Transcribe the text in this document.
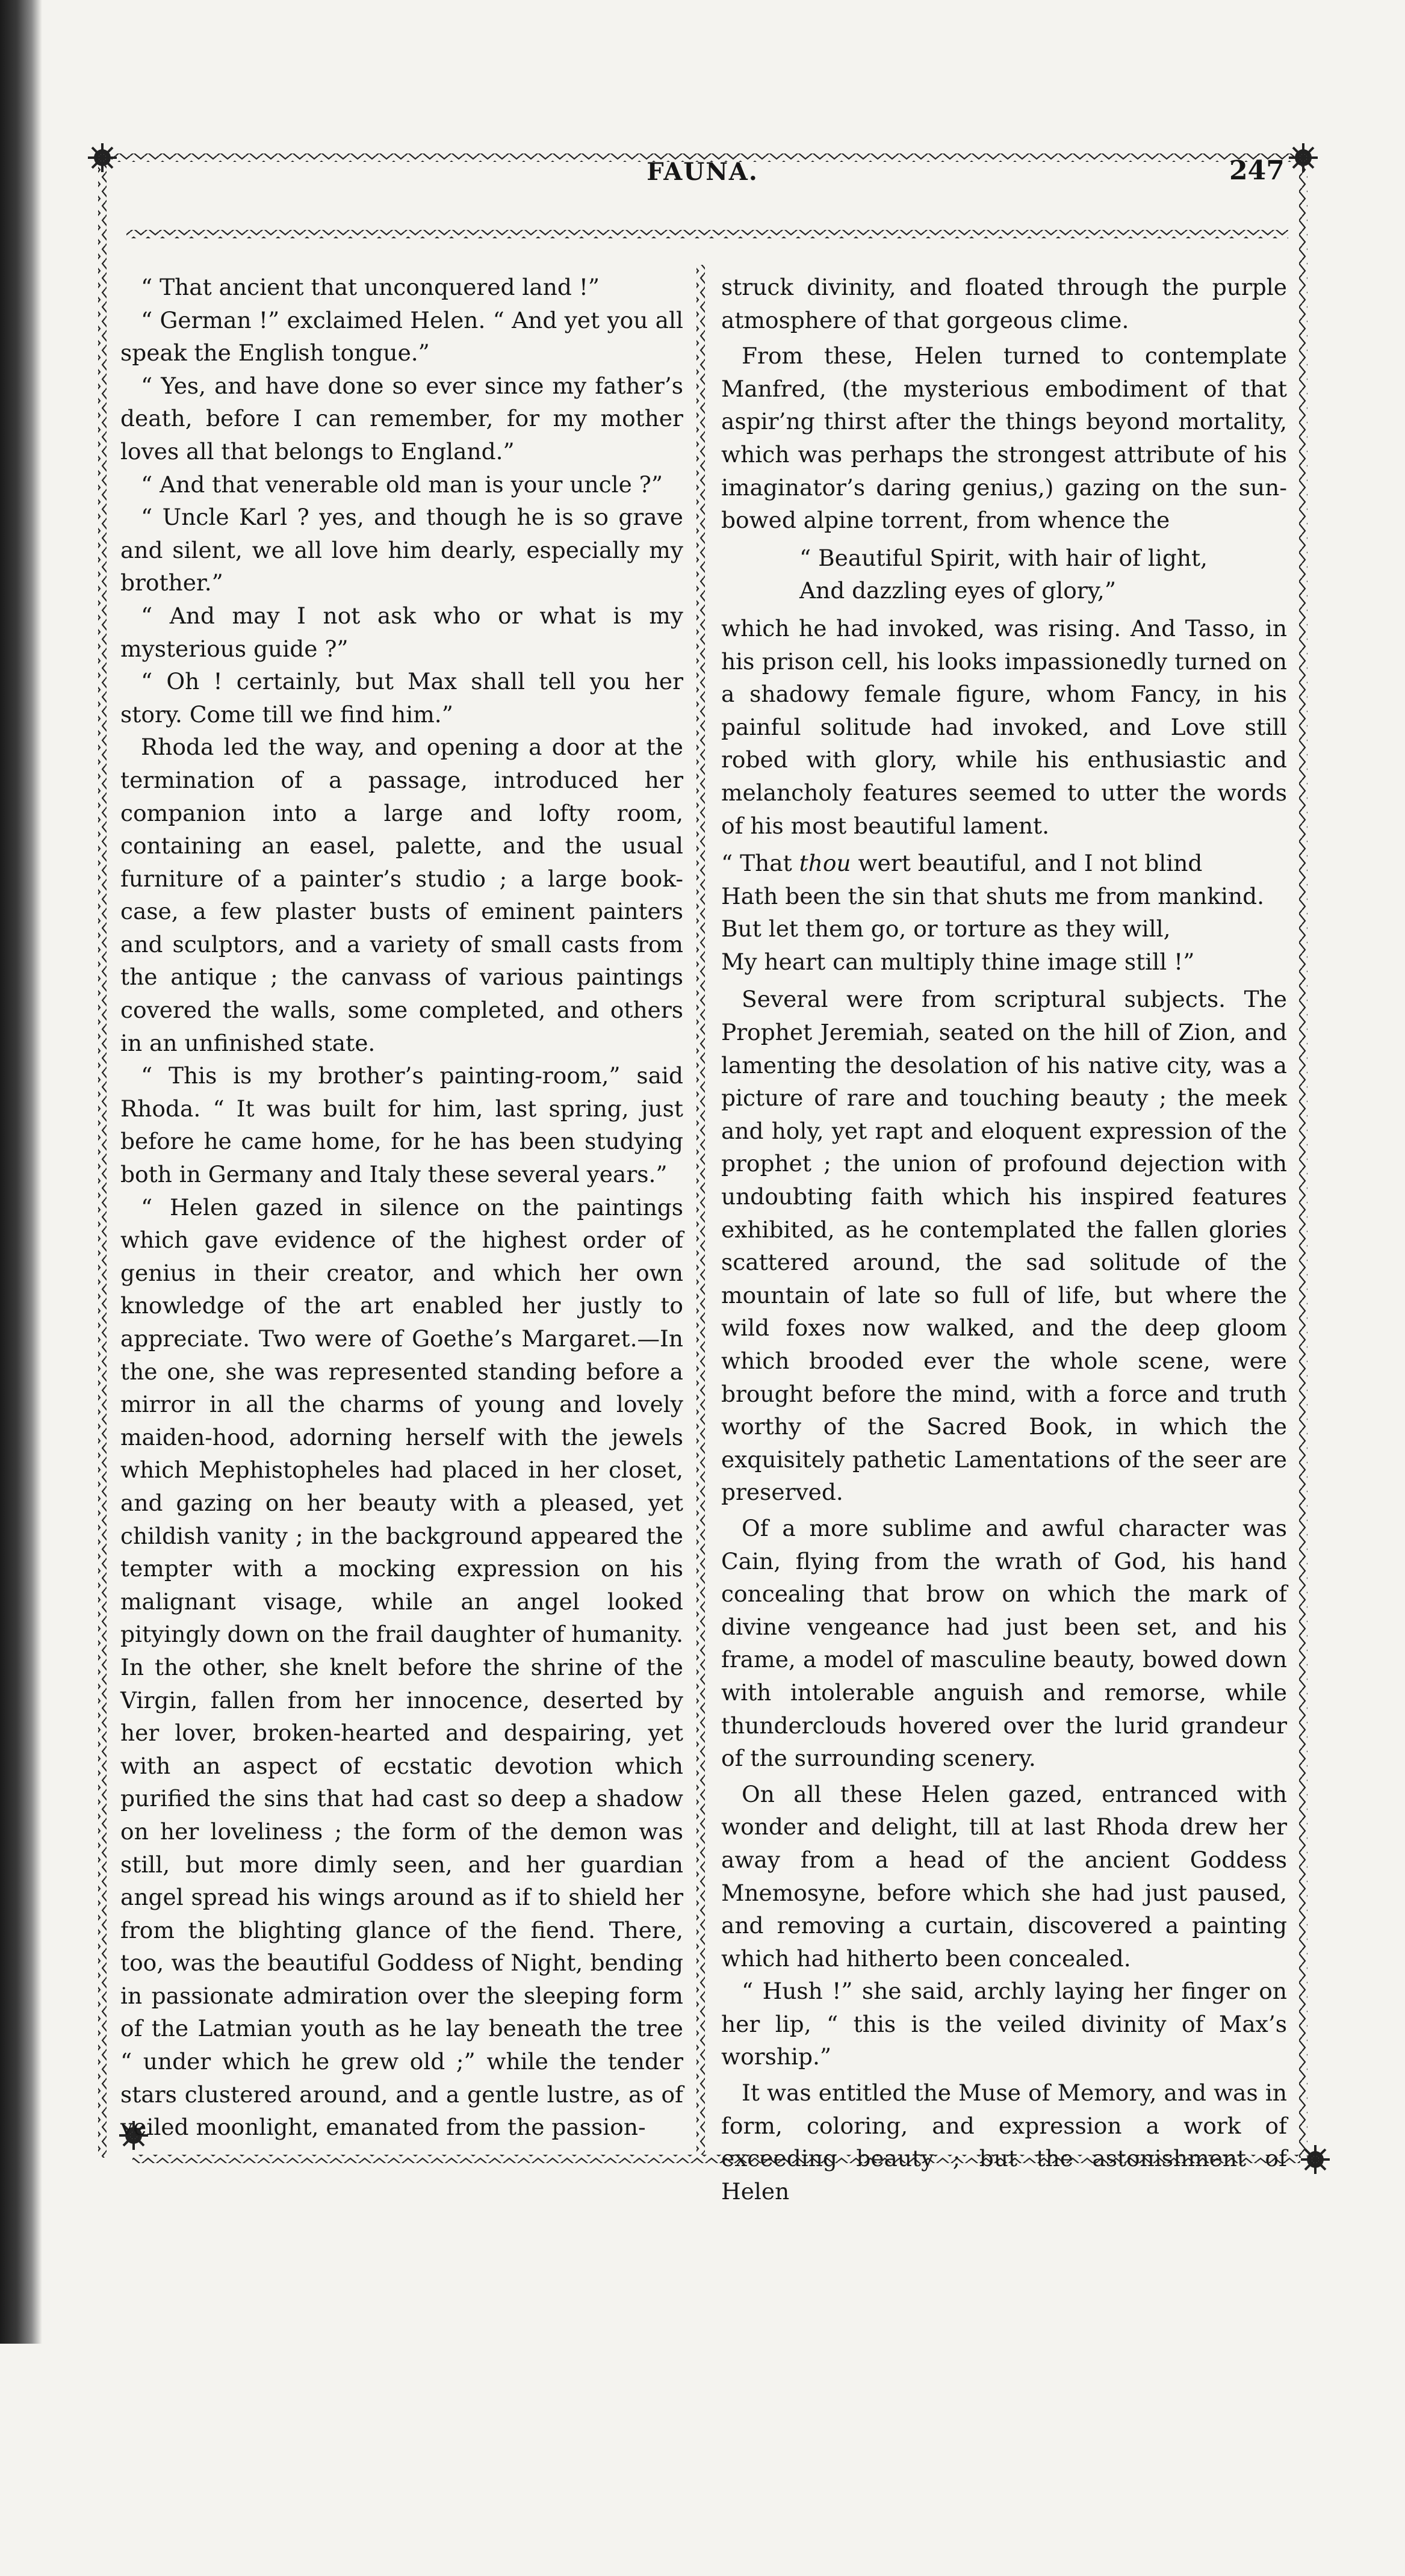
FAUNA.	247

“ That ancient that unconquered land !”

“ German !” exclaimed Helen. “ And yet you all speak the English tongue.”

“ Yes, and have done so ever since my father’s death, before I can remember, for my mother loves all that belongs to England.”

“ And that venerable old man is your uncle ?”

“ Uncle Karl ? yes, and though he is so grave and silent, we all love him dearly, especially my brother.”

“ And may I not ask who or what is my mysterious guide ?”

“ Oh ! certainly, but Max shall tell you her story. Come till we find him.”

Rhoda led the way, and opening a door at the termination of a passage, introduced her companion into a large and lofty room, containing an easel, palette, and the usual furniture of a painter’s studio ; a large book-case, a few plaster busts of eminent painters and sculptors, and a variety of small casts from the antique ; the canvass of various paintings covered the walls, some completed, and others in an unfinished state.

“ This is my brother’s painting-room,” said Rhoda. “ It was built for him, last spring, just before he came home, for he has been studying both in Germany and Italy these several years.”

“ Helen gazed in silence on the paintings which gave evidence of the highest order of genius in their creator, and which her own knowledge of the art enabled her justly to appreciate. Two were of Goethe’s Margaret.—In the one, she was represented standing before a mirror in all the charms of young and lovely maiden-hood, adorning herself with the jewels which Mephistopheles had placed in her closet, and gazing on her beauty with a pleased, yet childish vanity ; in the background appeared the tempter with a mocking expression on his malignant visage, while an angel looked pityingly down on the frail daughter of humanity. In the other, she knelt before the shrine of the Virgin, fallen from her innocence, deserted by her lover, broken-hearted and despairing, yet with an aspect of ecstatic devotion which purified the sins that had cast so deep a shadow on her loveliness ; the form of the demon was still, but more dimly seen, and her guardian angel spread his wings around as if to shield her from the blighting glance of the fiend. There, too, was the beautiful Goddess of Night, bending in passionate admiration over the sleeping form of the Latmian youth as he lay beneath the tree “ under which he grew old ;” while the tender stars clustered around, and a gentle lustre, as of veiled moonlight, emanated from the passion-

struck divinity, and floated through the purple atmosphere of that gorgeous clime.

From these, Helen turned to contemplate Manfred, (the mysterious embodiment of that aspir’ng thirst after the things beyond mortality, which was perhaps the strongest attribute of his imaginator’s daring genius,) gazing on the sun-bowed alpine torrent, from whence the

“ Beautiful Spirit, with hair of light,
And dazzling eyes of glory,”

which he had invoked, was rising. And Tasso, in his prison cell, his looks impassionedly turned on a shadowy female figure, whom Fancy, in his painful solitude had invoked, and Love still robed with glory, while his enthusiastic and melancholy features seemed to utter the words of his most beautiful lament.

“ That thou wert beautiful, and I not blind
Hath been the sin that shuts me from mankind.
But let them go, or torture as they will,
My heart can multiply thine image still !”

Several were from scriptural subjects. The Prophet Jeremiah, seated on the hill of Zion, and lamenting the desolation of his native city, was a picture of rare and touching beauty ; the meek and holy, yet rapt and eloquent expression of the prophet ; the union of profound dejection with undoubting faith which his inspired features exhibited, as he contemplated the fallen glories scattered around, the sad solitude of the mountain of late so full of life, but where the wild foxes now walked, and the deep gloom which brooded ever the whole scene, were brought before the mind, with a force and truth worthy of the Sacred Book, in which the exquisitely pathetic Lamentations of the seer are preserved.

Of a more sublime and awful character was Cain, flying from the wrath of God, his hand concealing that brow on which the mark of divine vengeance had just been set, and his frame, a model of masculine beauty, bowed down with intolerable anguish and remorse, while thunderclouds hovered over the lurid grandeur of the surrounding scenery.

On all these Helen gazed, entranced with wonder and delight, till at last Rhoda drew her away from a head of the ancient Goddess Mnemosyne, before which she had just paused, and removing a curtain, discovered a painting which had hitherto been concealed.

“ Hush !” she said, archly laying her finger on her lip, “ this is the veiled divinity of Max’s worship.”

It was entitled the Muse of Memory, and was in form, coloring, and expression a work of exceeding beauty ; but the astonishment of Helen
